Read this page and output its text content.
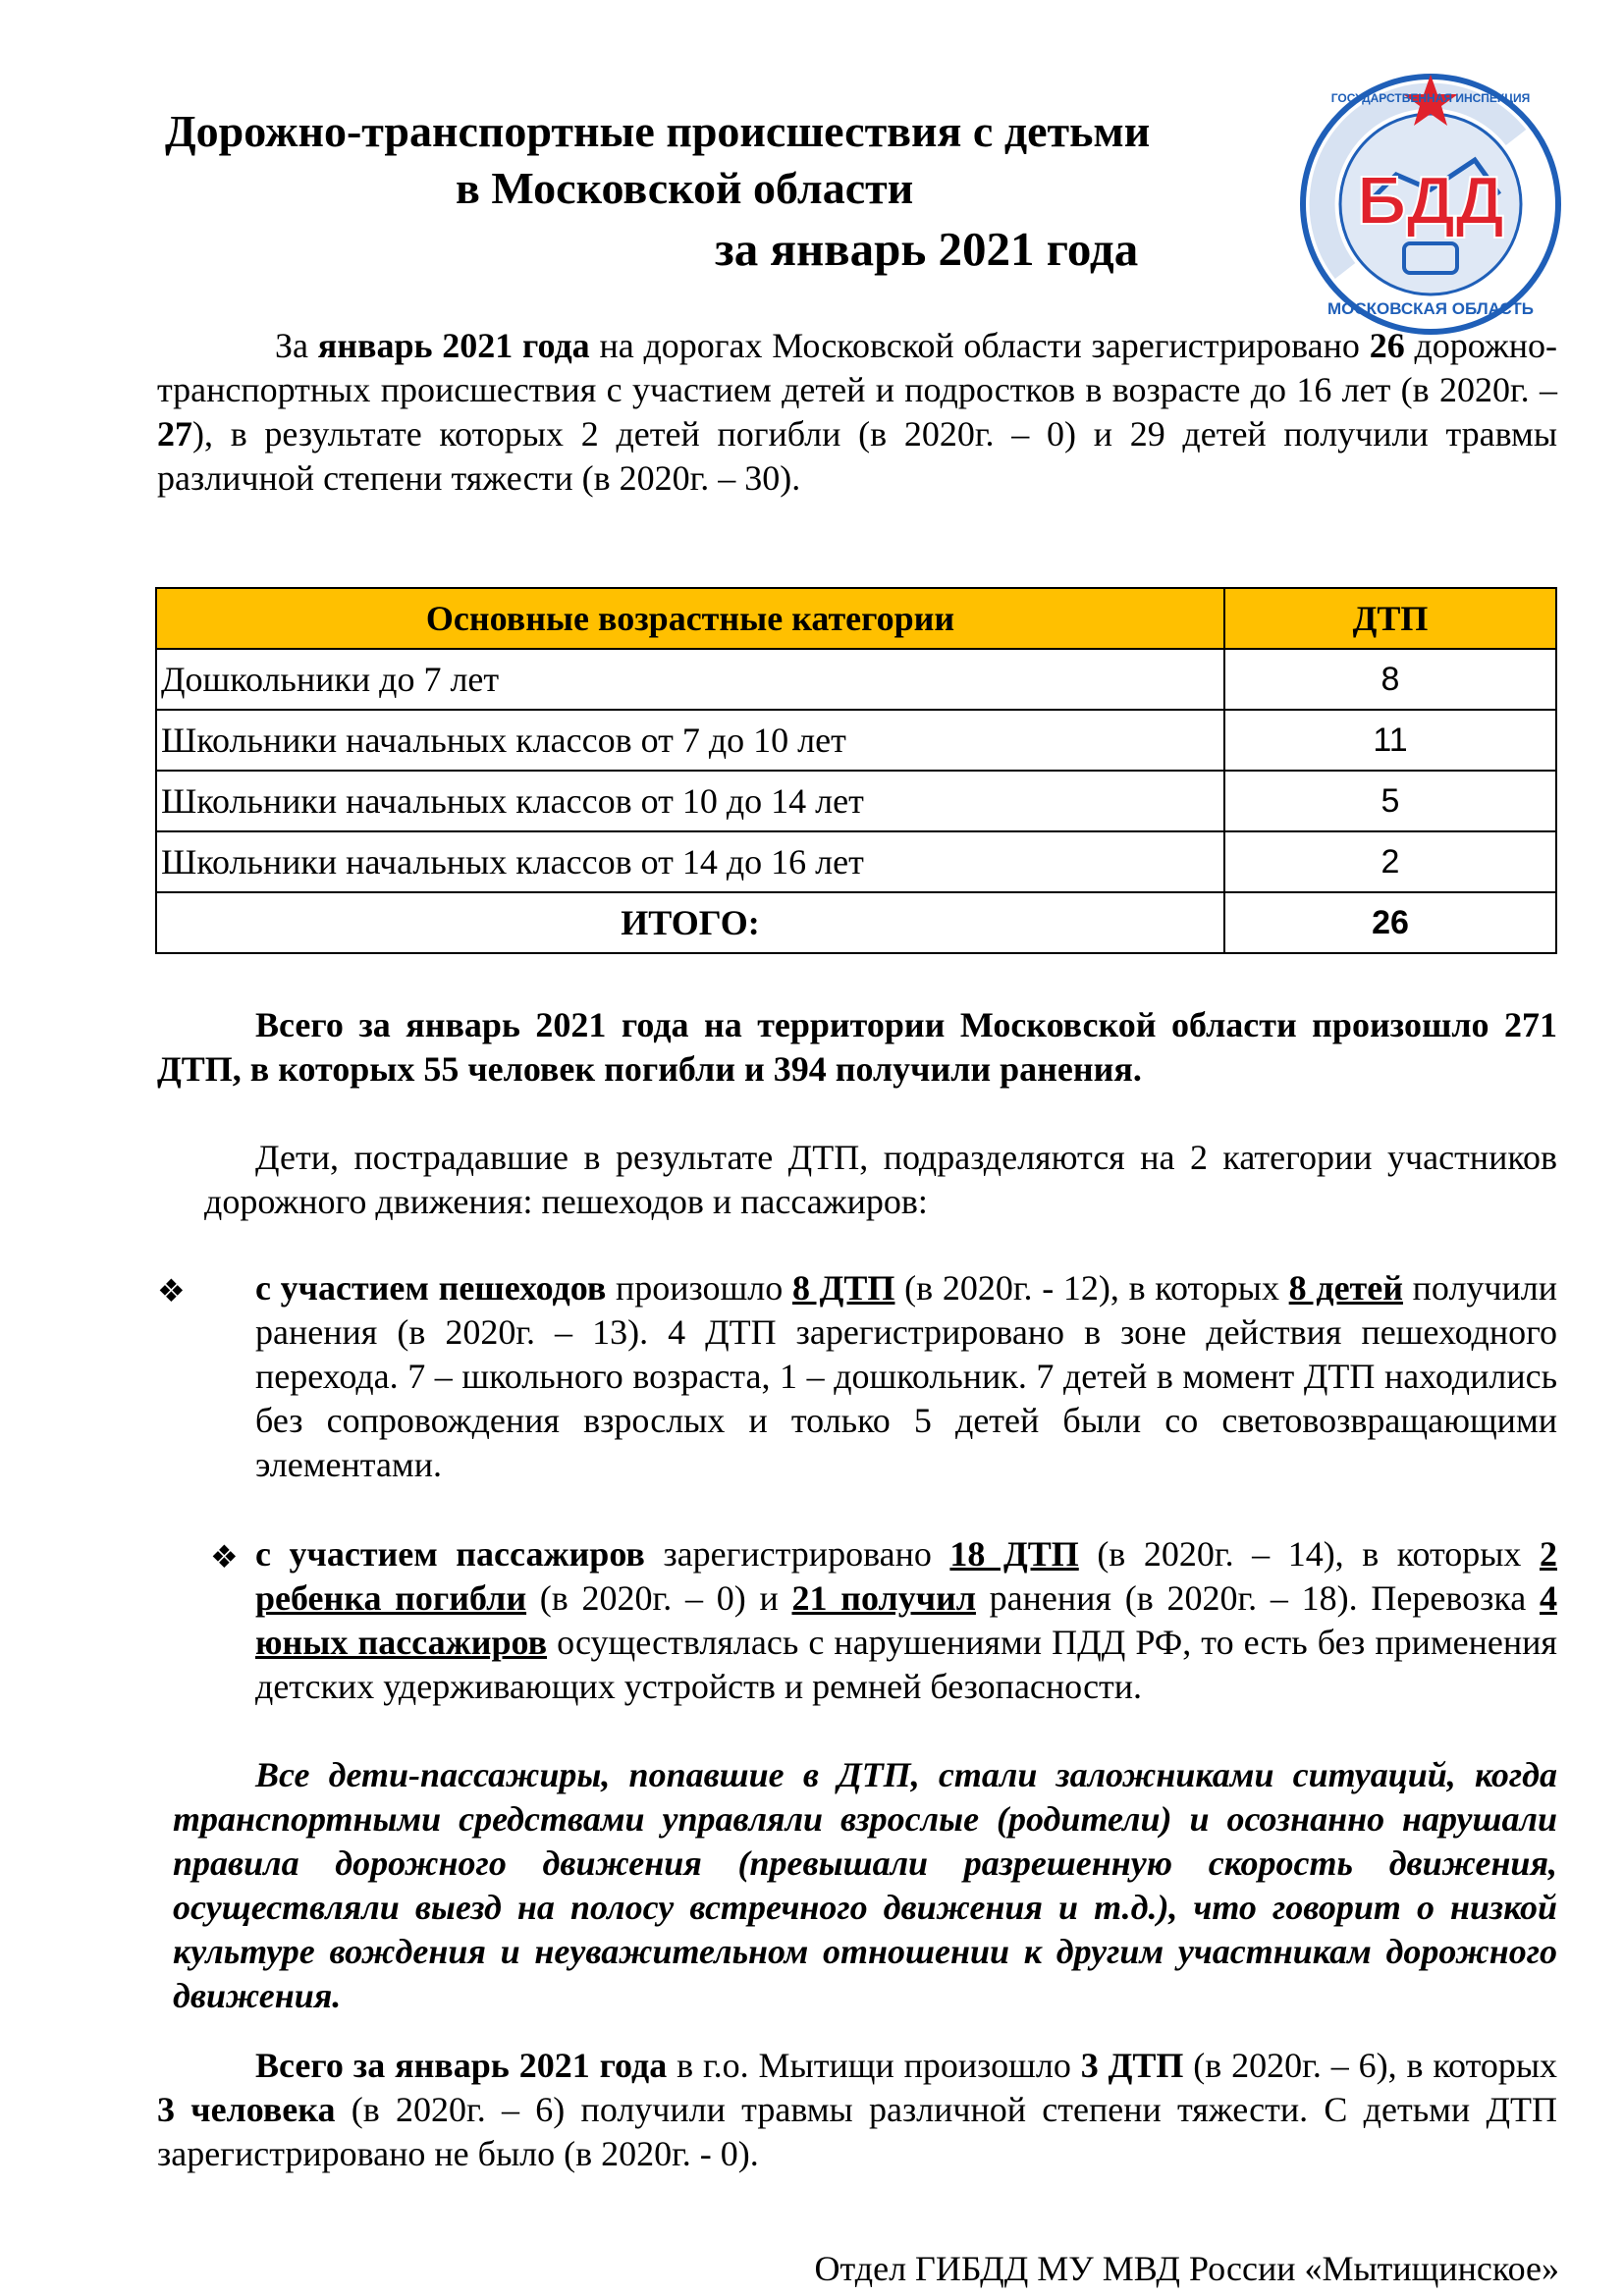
Дорожно-транспортные происшествия с детьми
в Московской области
за январь 2021 года
БДД
МОСКОВСКАЯ ОБЛАСТЬ
ГОСУДАРСТВЕННАЯ ИНСПЕКЦИЯ
За январь 2021 года на дорогах Московской области зарегистрировано 26 дорожно-транспортных происшествия с участием детей и подростков в возрасте до 16 лет (в 2020г. – 27), в результате которых 2 детей погибли (в 2020г. – 0) и 29 детей получили травмы различной степени тяжести (в 2020г. – 30).
Основные возрастные категории	ДТП
Дошкольники до 7 лет	8
Школьники начальных классов от 7 до 10 лет	11
Школьники начальных классов от 10 до 14 лет	5
Школьники начальных классов от 14 до 16 лет	2
ИТОГО:	26
Всего за январь 2021 года на территории Московской области произошло 271 ДТП, в которых 55 человек погибли и 394 получили ранения.
Дети, пострадавшие в результате ДТП, подразделяются на 2 категории участников дорожного движения: пешеходов и пассажиров:
❖ с участием пешеходов произошло 8 ДТП (в 2020г. - 12), в которых 8 детей получили ранения (в 2020г. – 13). 4 ДТП зарегистрировано в зоне действия пешеходного перехода. 7 – школьного возраста, 1 – дошкольник. 7 детей в момент ДТП находились без сопровождения взрослых и только 5 детей были со световозвращающими элементами.
❖ с участием пассажиров зарегистрировано 18 ДТП (в 2020г. – 14), в которых 2 ребенка погибли (в 2020г. – 0) и 21 получил ранения (в 2020г. – 18). Перевозка 4 юных пассажиров осуществлялась с нарушениями ПДД РФ, то есть без применения детских удерживающих устройств и ремней безопасности.
Все дети-пассажиры, попавшие в ДТП, стали заложниками ситуаций, когда транспортными средствами управляли взрослые (родители) и осознанно нарушали правила дорожного движения (превышали разрешенную скорость движения, осуществляли выезд на полосу встречного движения и т.д.), что говорит о низкой культуре вождения и неуважительном отношении к другим участникам дорожного движения.
Всего за январь 2021 года в г.о. Мытищи произошло 3 ДТП (в 2020г. – 6), в которых 3 человека (в 2020г. – 6) получили травмы различной степени тяжести. С детьми ДТП зарегистрировано не было (в 2020г. - 0).
Отдел ГИБДД МУ МВД России «Мытищинское»
